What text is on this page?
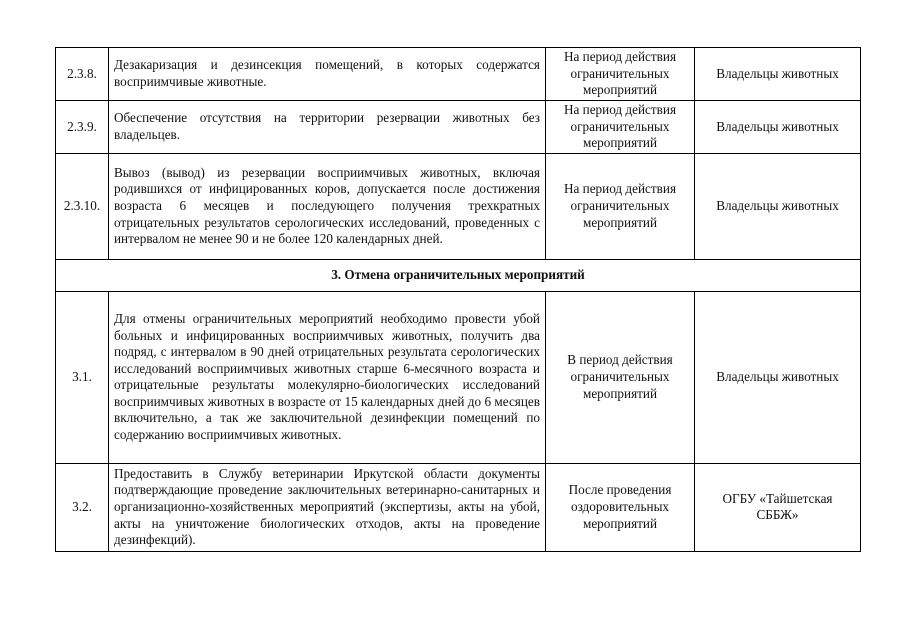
2.3.8.	Дезакаризация и дезинсекция помещений, в которых содержатся восприимчивые животные.	На период действия ограничительных мероприятий	Владельцы животных
2.3.9.	Обеспечение отсутствия на территории резервации животных без владельцев.	На период действия ограничительных мероприятий	Владельцы животных
2.3.10.	Вывоз (вывод) из резервации восприимчивых животных, включая родившихся от инфицированных коров, допускается после достижения возраста 6 месяцев и последующего получения трехкратных отрицательных результатов серологических исследований, проведенных с интервалом не менее 90 и не более 120 календарных дней.	На период действия ограничительных мероприятий	Владельцы животных
3. Отмена ограничительных мероприятий			
3.1.	Для отмены ограничительных мероприятий необходимо провести убой больных и инфицированных восприимчивых животных, получить два подряд, с интервалом в 90 дней отрицательных результата серологических исследований восприимчивых животных старше 6-месячного возраста и отрицательные результаты молекулярно-биологических исследований восприимчивых животных в возрасте от 15 календарных дней до 6 месяцев включительно, а так же заключительной дезинфекции помещений по содержанию восприимчивых животных.	В период действия ограничительных мероприятий	Владельцы животных
3.2.	Предоставить в Службу ветеринарии Иркутской области документы подтверждающие проведение заключительных ветеринарно-санитарных и организационно-хозяйственных мероприятий (экспертизы, акты на убой, акты на уничтожение биологических отходов, акты на проведение дезинфекций).	После проведения оздоровительных мероприятий	ОГБУ «Тайшетская СББЖ»
